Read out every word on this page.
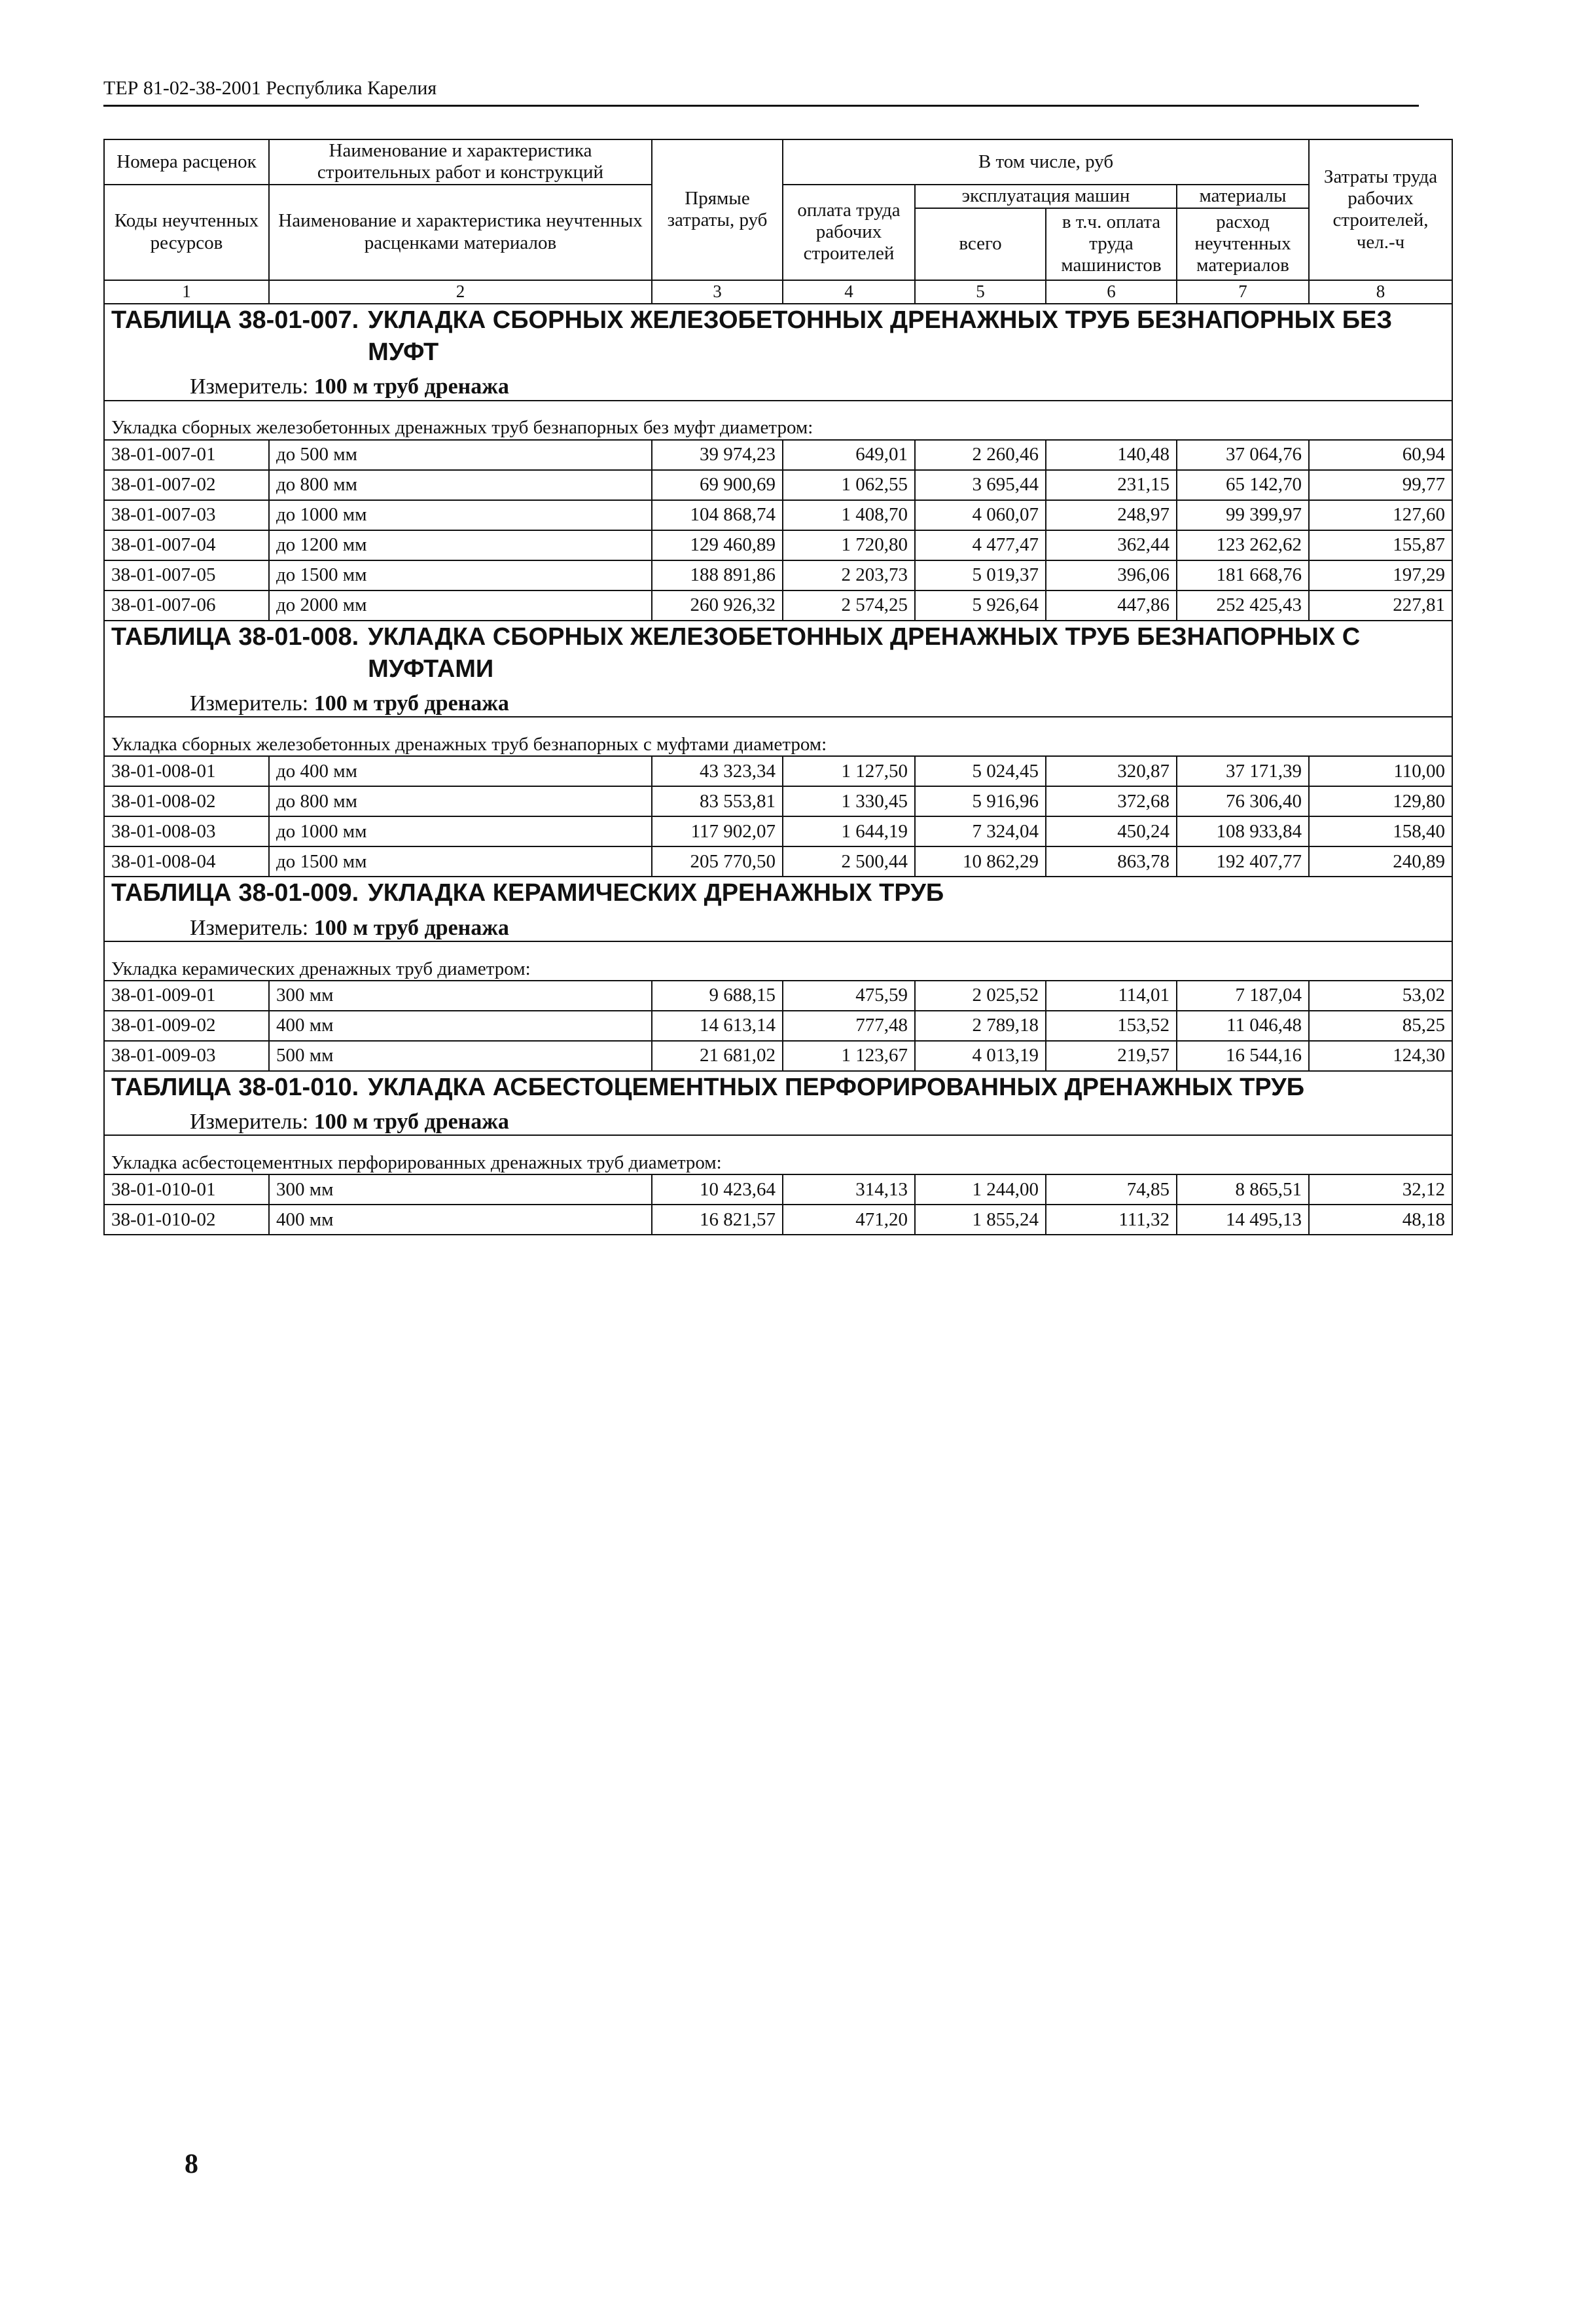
ТЕР 81-02-38-2001 Республика Карелия
Номера расценок	Наименование и характеристика строительных работ и конструкций	Прямые затраты, руб	В том числе, руб				Затраты труда рабочих строителей, чел.-ч
Коды неучтенных ресурсов	Наименование и характеристика неучтенных расценками материалов		оплата труда рабочих строителей	эксплуатация машин		материалы	
				всего	в т.ч. оплата труда машинистов	расход неучтенных материалов	
1	2	3	4	5	6	7	8

ТАБЛИЦА 38-01-007. УКЛАДКА СБОРНЫХ ЖЕЛЕЗОБЕТОННЫХ ДРЕНАЖНЫХ ТРУБ БЕЗНАПОРНЫХ БЕЗ МУФТ
Измеритель: 100 м труб дренажа							

Укладка сборных железобетонных дренажных труб безнапорных без муфт диаметром:							
38-01-007-01	до 500 мм	39 974,23	649,01	2 260,46	140,48	37 064,76	60,94
38-01-007-02	до 800 мм	69 900,69	1 062,55	3 695,44	231,15	65 142,70	99,77
38-01-007-03	до 1000 мм	104 868,74	1 408,70	4 060,07	248,97	99 399,97	127,60
38-01-007-04	до 1200 мм	129 460,89	1 720,80	4 477,47	362,44	123 262,62	155,87
38-01-007-05	до 1500 мм	188 891,86	2 203,73	5 019,37	396,06	181 668,76	197,29
38-01-007-06	до 2000 мм	260 926,32	2 574,25	5 926,64	447,86	252 425,43	227,81

ТАБЛИЦА 38-01-008. УКЛАДКА СБОРНЫХ ЖЕЛЕЗОБЕТОННЫХ ДРЕНАЖНЫХ ТРУБ БЕЗНАПОРНЫХ С МУФТАМИ
Измеритель: 100 м труб дренажа							

Укладка сборных железобетонных дренажных труб безнапорных с муфтами диаметром:							
38-01-008-01	до 400 мм	43 323,34	1 127,50	5 024,45	320,87	37 171,39	110,00
38-01-008-02	до 800 мм	83 553,81	1 330,45	5 916,96	372,68	76 306,40	129,80
38-01-008-03	до 1000 мм	117 902,07	1 644,19	7 324,04	450,24	108 933,84	158,40
38-01-008-04	до 1500 мм	205 770,50	2 500,44	10 862,29	863,78	192 407,77	240,89

ТАБЛИЦА 38-01-009. УКЛАДКА КЕРАМИЧЕСКИХ ДРЕНАЖНЫХ ТРУБ
Измеритель: 100 м труб дренажа							

Укладка керамических дренажных труб диаметром:							
38-01-009-01	300 мм	9 688,15	475,59	2 025,52	114,01	7 187,04	53,02
38-01-009-02	400 мм	14 613,14	777,48	2 789,18	153,52	11 046,48	85,25
38-01-009-03	500 мм	21 681,02	1 123,67	4 013,19	219,57	16 544,16	124,30

ТАБЛИЦА 38-01-010. УКЛАДКА АСБЕСТОЦЕМЕНТНЫХ ПЕРФОРИРОВАННЫХ ДРЕНАЖНЫХ ТРУБ
Измеритель: 100 м труб дренажа							

Укладка асбестоцементных перфорированных дренажных труб диаметром:							
38-01-010-01	300 мм	10 423,64	314,13	1 244,00	74,85	8 865,51	32,12
38-01-010-02	400 мм	16 821,57	471,20	1 855,24	111,32	14 495,13	48,18
8
